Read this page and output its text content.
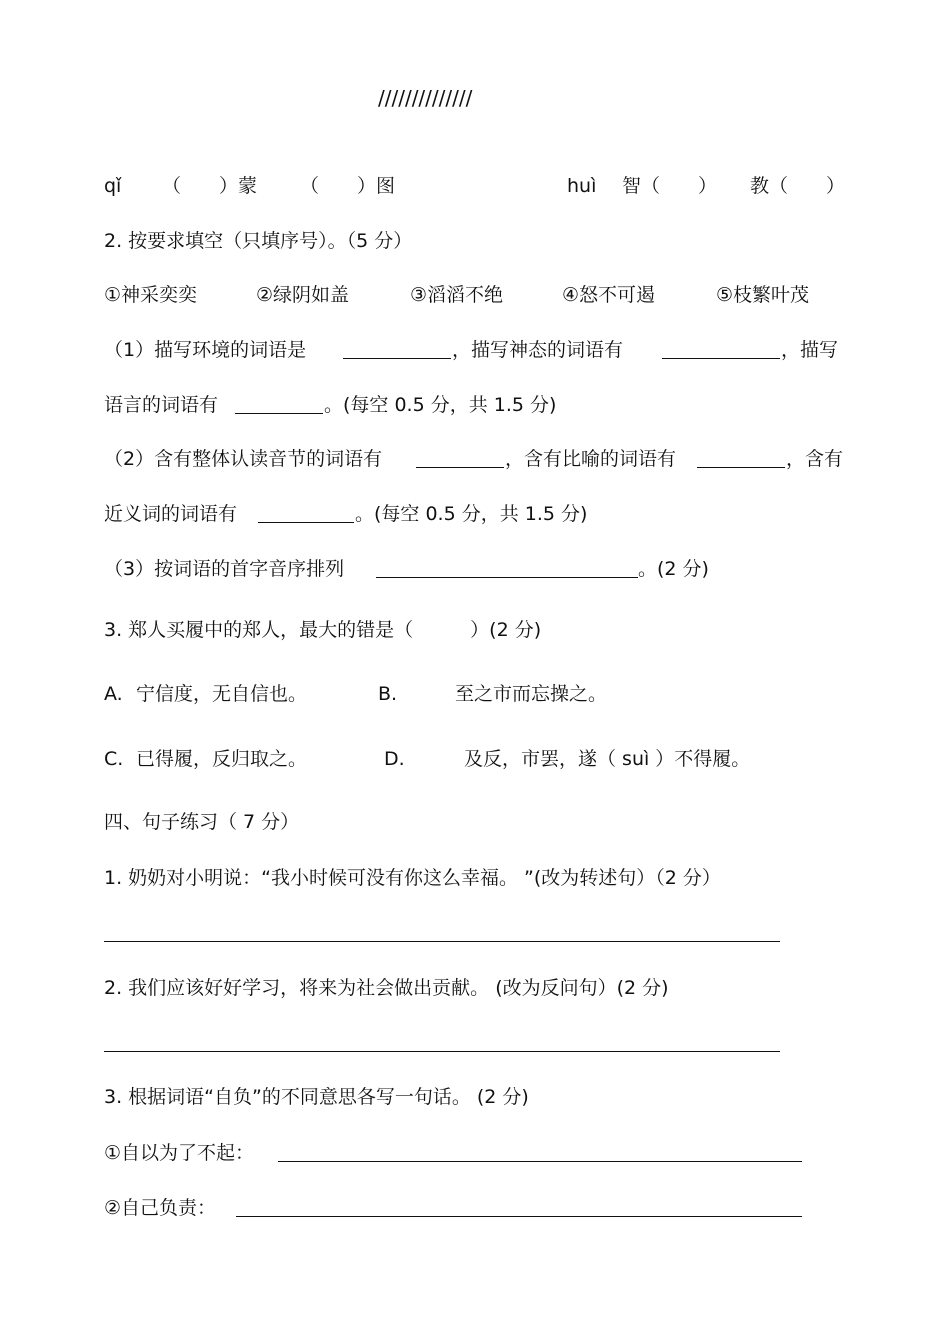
//////////////
qǐ （　　）蒙 （　　）图	huì 智（　　） 教（　　）
2. 按要求填空（只填序号）。（5 分）
①神采奕奕	②绿阴如盖	③滔滔不绝	④怒不可遏	⑤枝繁叶茂
（1）描写环境的词语是	，描写神态的词语有	，描写
语言的词语有	。(每空 0.5 分，共 1.5 分)
（2）含有整体认读音节的词语有	，含有比喻的词语有	，含有
近义词的词语有	。(每空 0.5 分，共 1.5 分)
（3）按词语的首字音序排列	。(2 分)
3. 郑人买履中的郑人，最大的错是（　　　）(2 分)
A. 宁信度，无自信也。	B.	至之市而忘操之。
C. 已得履，反归取之。	D.	及反，市罢，遂（ suì ）不得履。
四、句子练习（ 7 分）
1. 奶奶对小明说：“我小时候可没有你这么幸福。 ”(改为转述句）（2 分）
2. 我们应该好好学习，将来为社会做出贡献。 (改为反问句）(2 分)
3. 根据词语“自负”的不同意思各写一句话。 (2 分)
①自以为了不起：
②自己负责：
